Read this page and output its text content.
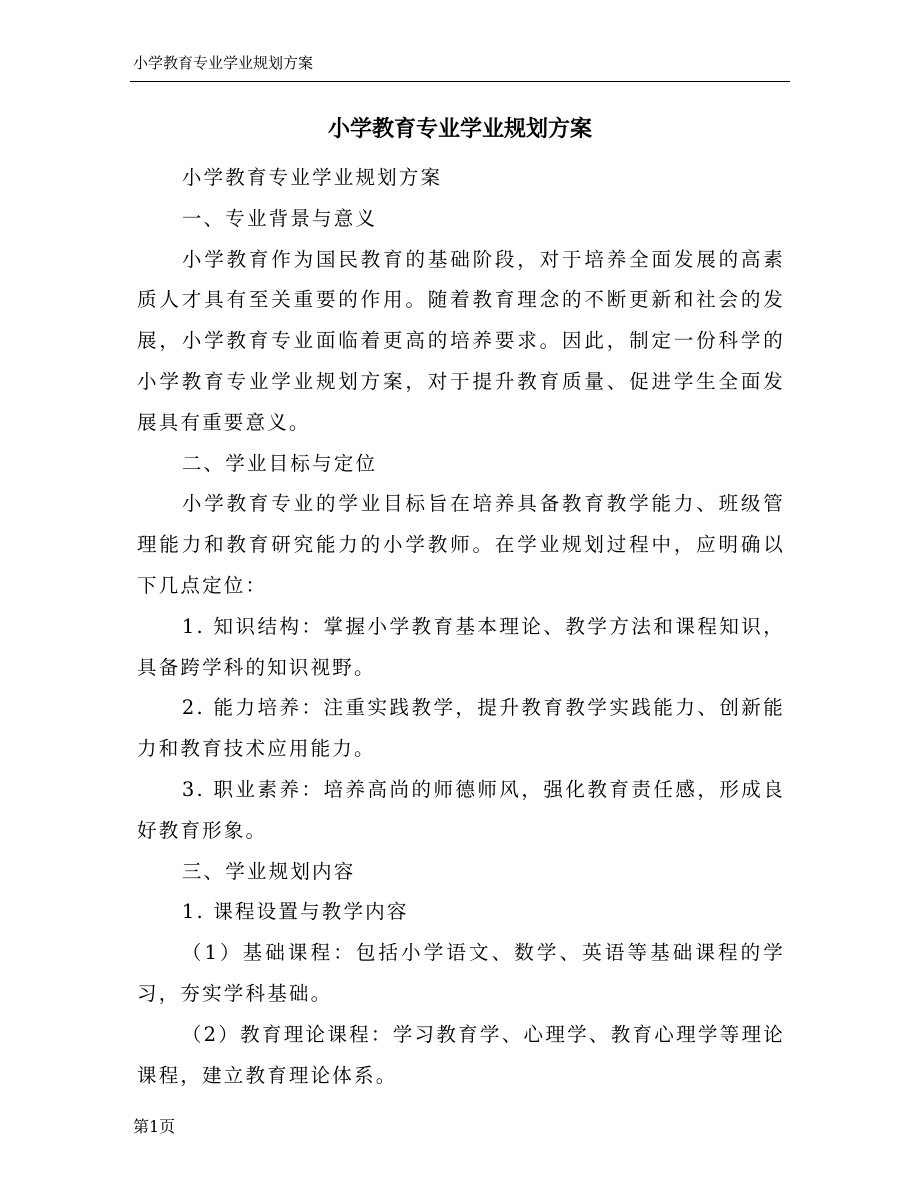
小学教育专业学业规划方案
小学教育专业学业规划方案

小学教育专业学业规划方案

一、专业背景与意义

小学教育作为国民教育的基础阶段，对于培养全面发展的高素质人才具有至关重要的作用。随着教育理念的不断更新和社会的发展，小学教育专业面临着更高的培养要求。因此，制定一份科学的小学教育专业学业规划方案，对于提升教育质量、促进学生全面发展具有重要意义。

二、学业目标与定位

小学教育专业的学业目标旨在培养具备教育教学能力、班级管理能力和教育研究能力的小学教师。在学业规划过程中，应明确以下几点定位：

1. 知识结构：掌握小学教育基本理论、教学方法和课程知识，具备跨学科的知识视野。

2. 能力培养：注重实践教学，提升教育教学实践能力、创新能力和教育技术应用能力。

3. 职业素养：培养高尚的师德师风，强化教育责任感，形成良好教育形象。

三、学业规划内容

1. 课程设置与教学内容

（1）基础课程：包括小学语文、数学、英语等基础课程的学习，夯实学科基础。

（2）教育理论课程：学习教育学、心理学、教育心理学等理论课程，建立教育理论体系。

第1页
